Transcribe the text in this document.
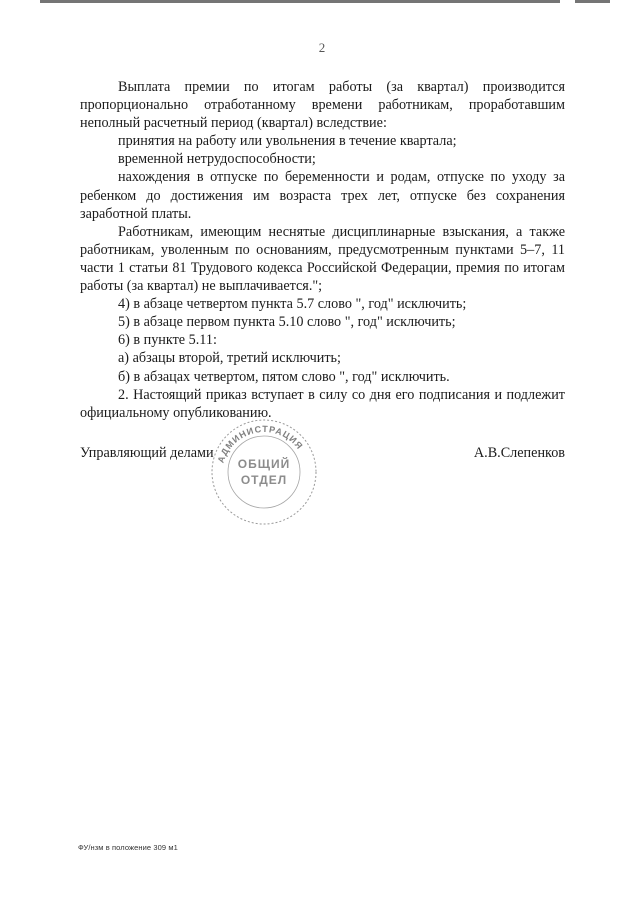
2

Выплата премии по итогам работы (за квартал) производится пропорционально отработанному времени работникам, проработавшим неполный расчетный период (квартал) вследствие:

принятия на работу или увольнения в течение квартала;

временной нетрудоспособности;

нахождения в отпуске по беременности и родам, отпуске по уходу за ребенком до достижения им возраста трех лет, отпуске без сохранения заработной платы.

Работникам, имеющим неснятые дисциплинарные взыскания, а также работникам, уволенным по основаниям, предусмотренным пунктами 5–7, 11 части 1 статьи 81 Трудового кодекса Российской Федерации, премия по итогам работы (за квартал) не выплачивается.";

4) в абзаце четвертом пункта 5.7 слово ", год" исключить;

5) в абзаце первом пункта 5.10 слово ", год" исключить;

6) в пункте 5.11:

а) абзацы второй, третий исключить;

б) в абзацах четвертом, пятом слово ", год" исключить.

2. Настоящий приказ вступает в силу со дня его подписания и подлежит официальному опубликованию.

Управляющий делами	А.В.Слепенков
АДМИНИСТРАЦИЯ
ОБЩИЙ
ОТДЕЛ
ФУ/нзм в положение 309 м1
